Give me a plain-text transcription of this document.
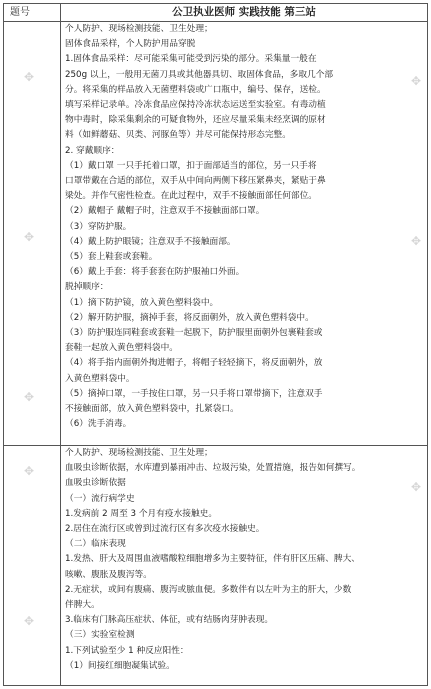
题号	公卫执业医师 实践技能 第三站
✥
✥
✥

个人防护、现场检测技能、卫生处理；

固体食品采样，个人防护用品穿脱

1.固体食品采样：尽可能采集可能受到污染的部分。采集量一般在

250g 以上，一般用无菌刀具或其他器具切、取固体食品，多取几个部

分。将采集的样品放入无菌塑料袋或广口瓶中，编号、保存，送检。

填写采样记录单。冷冻食品应保持冷冻状态运送至实验室。有毒动植

物中毒时，除采集剩余的可疑食物外，还应尽量采集未经烹调的原材

料（如鲜蘑菇、贝类、河豚鱼等）并尽可能保持形态完整。

2. 穿戴顺序：

（1）戴口罩 一只手托着口罩，扣于面部适当的部位，另一只手将

口罩带戴在合适的部位，双手从中间向两侧下移压紧鼻夹，紧贴于鼻

梁处。并作气密性检查。在此过程中，双手不接触面部任何部位。

（2）戴帽子 戴帽子时，注意双手不接触面部口罩。

（3）穿防护服。

（4）戴上防护眼镜；注意双手不接触面部。

（5）套上鞋套或套鞋。

（6）戴上手套：将手套套在防护服袖口外面。

脱掉顺序：

（1）摘下防护镜，放入黄色塑料袋中。

（2）解开防护服，摘掉手套，将反面朝外，放入黄色塑料袋中。

（3）防护服连同鞋套或套鞋一起脱下，防护服里面朝外包裹鞋套或

套鞋一起放入黄色塑料袋中。

（4）将手指内面朝外掏进帽子，将帽子轻轻摘下，将反面朝外，放

入黄色塑料袋中。

（5）摘掉口罩，一手按住口罩，另一只手将口罩带摘下，注意双手

不接触面部，放入黄色塑料袋中，扎紧袋口。

（6）洗手消毒。

✥
✥
✥
✥

个人防护、现场检测技能、卫生处理；

血吸虫诊断依据，水库遭到暴雨冲击、垃圾污染，处置措施，报告如何撰写。

血吸虫诊断依据

（一）流行病学史

1.发病前 2 周至 3 个月有疫水接触史。

2.居住在流行区或曾到过流行区有多次疫水接触史。

（二）临床表现

1.发热、肝大及周围血液嗜酸粒细胞增多为主要特征，伴有肝区压痛、脾大、

咳嗽、腹胀及腹泻等。

2.无症状，或间有腹痛、腹泻或脓血便。多数伴有以左叶为主的肝大，少数

伴脾大。

3.临床有门脉高压症状、体征，或有结肠肉芽肿表现。

（三）实验室检测

1.下列试验至少 1 种反应阳性：

（1）间接红细胞凝集试验。

✥
